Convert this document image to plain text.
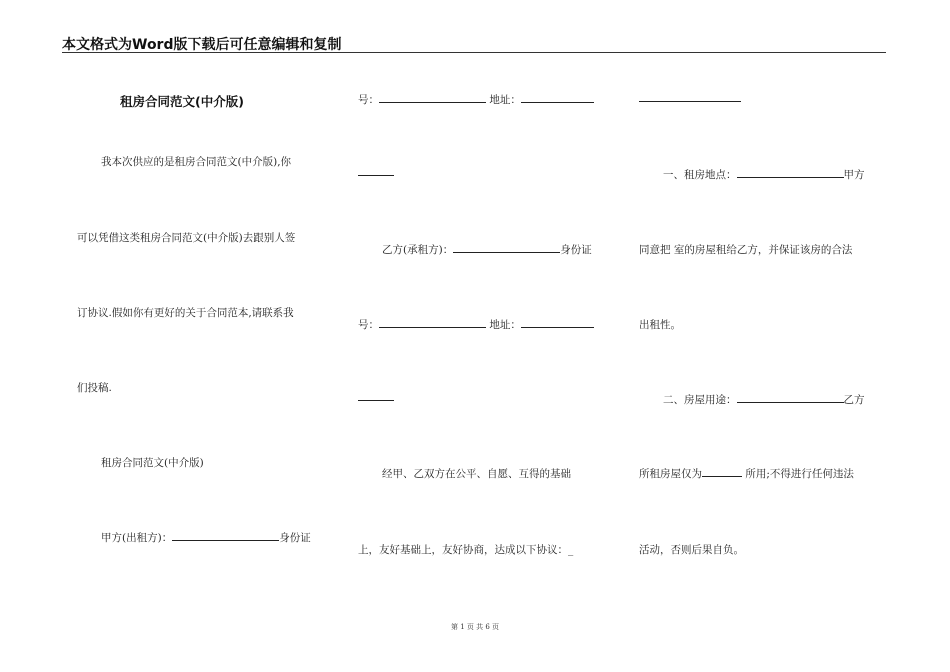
本文格式为Word版下载后可任意编辑和复制
租房合同范文(中介版)
我本次供应的是租房合同范文(中介版),你
可以凭借这类租房合同范文(中介版)去跟别人签
订协议.假如你有更好的关于合同范本,请联系我
们投稿.
租房合同范文(中介版)
甲方(出租方)：	身份证
号：	地址：
乙方(承租方)：	身份证
号：	地址：
经甲、乙双方在公平、自愿、互得的基础
上，友好基础上，友好协商，达成以下协议：_
一、租房地点：	甲方
同意把 室的房屋租给乙方，并保证该房的合法
出租性。
二、房屋用途：	乙方
所租房屋仅为	所用;不得进行任何违法
活动，否则后果自负。
第 1 页 共 6 页
